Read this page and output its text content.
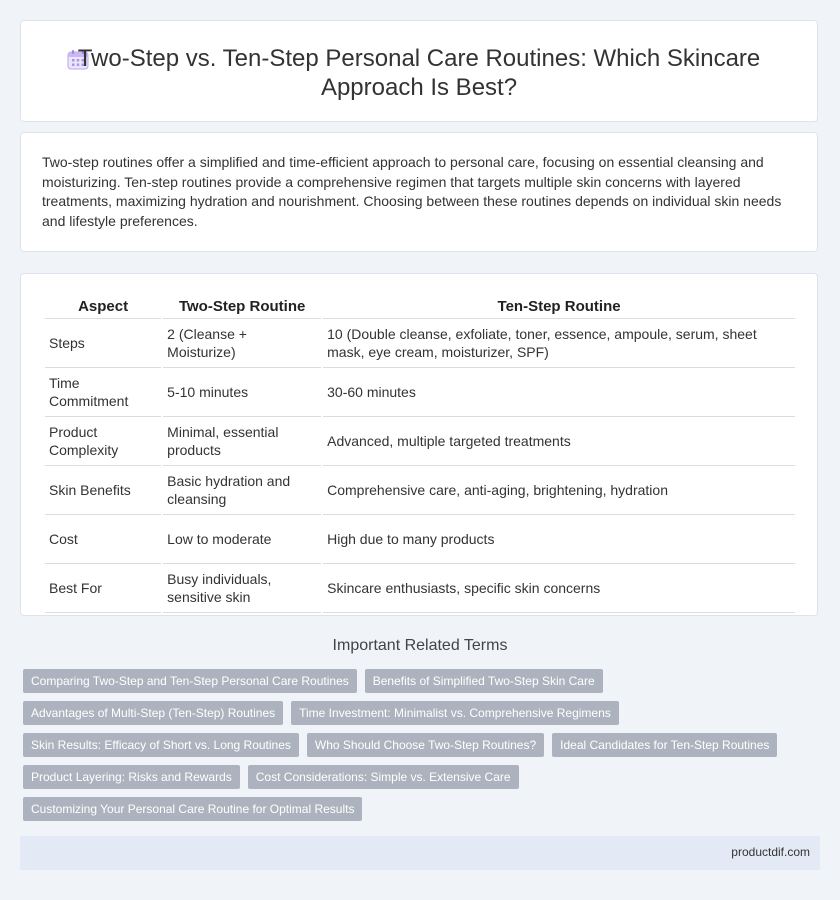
Two-Step vs. Ten-Step Personal Care Routines: Which Skincare Approach Is Best?

Two-step routines offer a simplified and time-efficient approach to personal care, focusing on essential cleansing and moisturizing. Ten-step routines provide a comprehensive regimen that targets multiple skin concerns with layered treatments, maximizing hydration and nourishment. Choosing between these routines depends on individual skin needs and lifestyle preferences.

Aspect	Two-Step Routine	Ten-Step Routine
Steps	2 (Cleanse + Moisturize)	10 (Double cleanse, exfoliate, toner, essence, ampoule, serum, sheet mask, eye cream, moisturizer, SPF)
Time Commitment	5-10 minutes	30-60 minutes
Product Complexity	Minimal, essential products	Advanced, multiple targeted treatments
Skin Benefits	Basic hydration and cleansing	Comprehensive care, anti-aging, brightening, hydration
Cost	Low to moderate	High due to many products
Best For	Busy individuals, sensitive skin	Skincare enthusiasts, specific skin concerns
Important Related Terms
Comparing Two-Step and Ten-Step Personal Care Routines	Benefits of Simplified Two-Step Skin Care
Advantages of Multi-Step (Ten-Step) Routines	Time Investment: Minimalist vs. Comprehensive Regimens
Skin Results: Efficacy of Short vs. Long Routines	Who Should Choose Two-Step Routines?	Ideal Candidates for Ten-Step Routines
Product Layering: Risks and Rewards	Cost Considerations: Simple vs. Extensive Care
Customizing Your Personal Care Routine for Optimal Results
productdif.com
